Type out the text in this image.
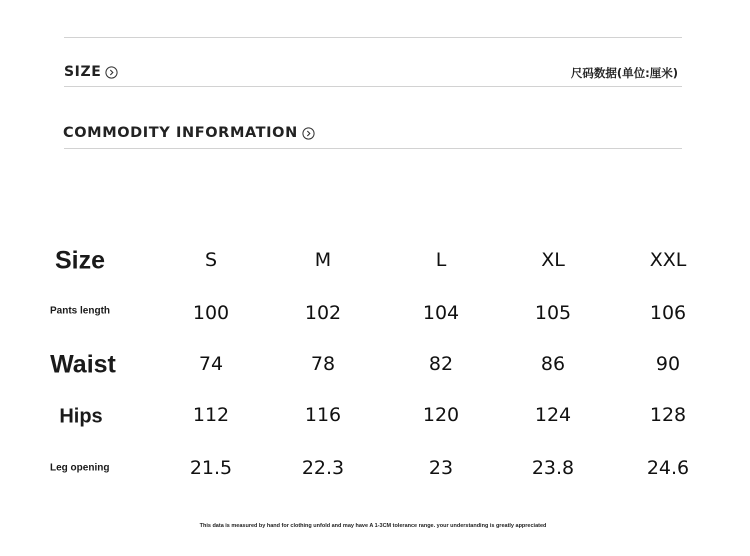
SIZE	尺码数据(单位:厘米)
COMMODITY INFORMATION
Size	S	M	L	XL	XXL
Pants length	100	102	104	105	106
Waist	74	78	82	86	90
Hips	112	116	120	124	128
Leg opening	21.5	22.3	23	23.8	24.6
This data is measured by hand for clothing unfold and may have A 1-3CM tolerance range. your understanding is greatly appreciated
